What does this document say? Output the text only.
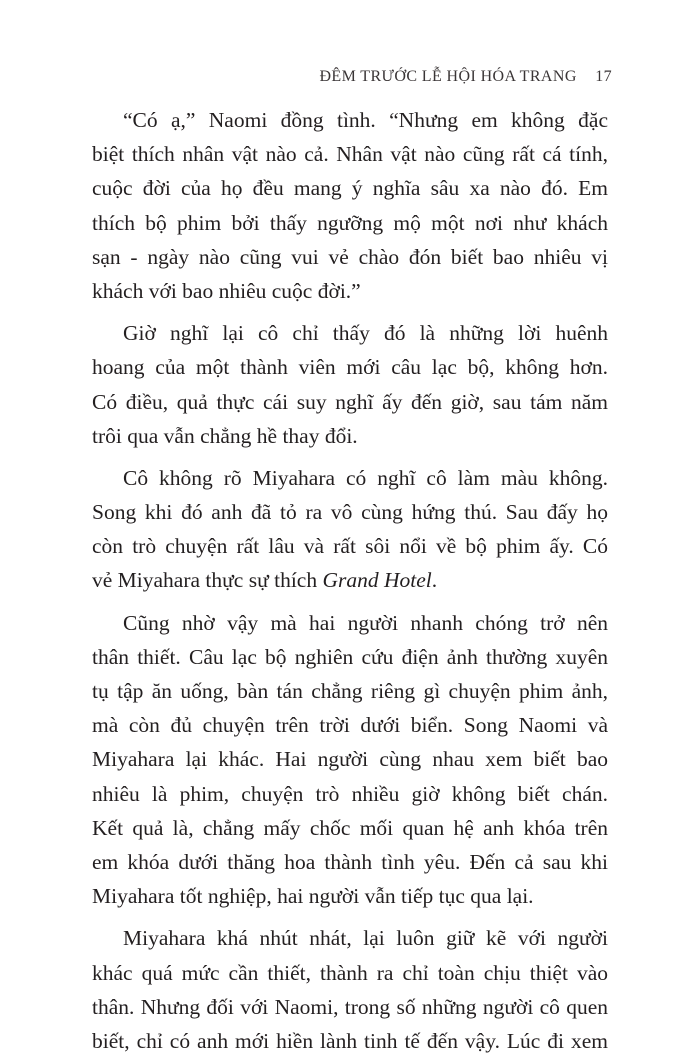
ĐÊM TRƯỚC LỄ HỘI HÓA TRANG 17

“Có ạ,” Naomi đồng tình. “Nhưng em không đặc
biệt thích nhân vật nào cả. Nhân vật nào cũng rất cá tính,
cuộc đời của họ đều mang ý nghĩa sâu xa nào đó. Em
thích bộ phim bởi thấy ngưỡng mộ một nơi như khách
sạn - ngày nào cũng vui vẻ chào đón biết bao nhiêu vị
khách với bao nhiêu cuộc đời.”

Giờ nghĩ lại cô chỉ thấy đó là những lời huênh
hoang của một thành viên mới câu lạc bộ, không hơn.
Có điều, quả thực cái suy nghĩ ấy đến giờ, sau tám năm
trôi qua vẫn chẳng hề thay đổi.

Cô không rõ Miyahara có nghĩ cô làm màu không.
Song khi đó anh đã tỏ ra vô cùng hứng thú. Sau đấy họ
còn trò chuyện rất lâu và rất sôi nổi về bộ phim ấy. Có
vẻ Miyahara thực sự thích Grand Hotel.

Cũng nhờ vậy mà hai người nhanh chóng trở nên
thân thiết. Câu lạc bộ nghiên cứu điện ảnh thường xuyên
tụ tập ăn uống, bàn tán chẳng riêng gì chuyện phim ảnh,
mà còn đủ chuyện trên trời dưới biển. Song Naomi và
Miyahara lại khác. Hai người cùng nhau xem biết bao
nhiêu là phim, chuyện trò nhiều giờ không biết chán.
Kết quả là, chẳng mấy chốc mối quan hệ anh khóa trên
em khóa dưới thăng hoa thành tình yêu. Đến cả sau khi
Miyahara tốt nghiệp, hai người vẫn tiếp tục qua lại.

Miyahara khá nhút nhát, lại luôn giữ kẽ với người
khác quá mức cần thiết, thành ra chỉ toàn chịu thiệt vào
thân. Nhưng đối với Naomi, trong số những người cô quen
biết, chỉ có anh mới hiền lành tinh tế đến vậy. Lúc đi xem
